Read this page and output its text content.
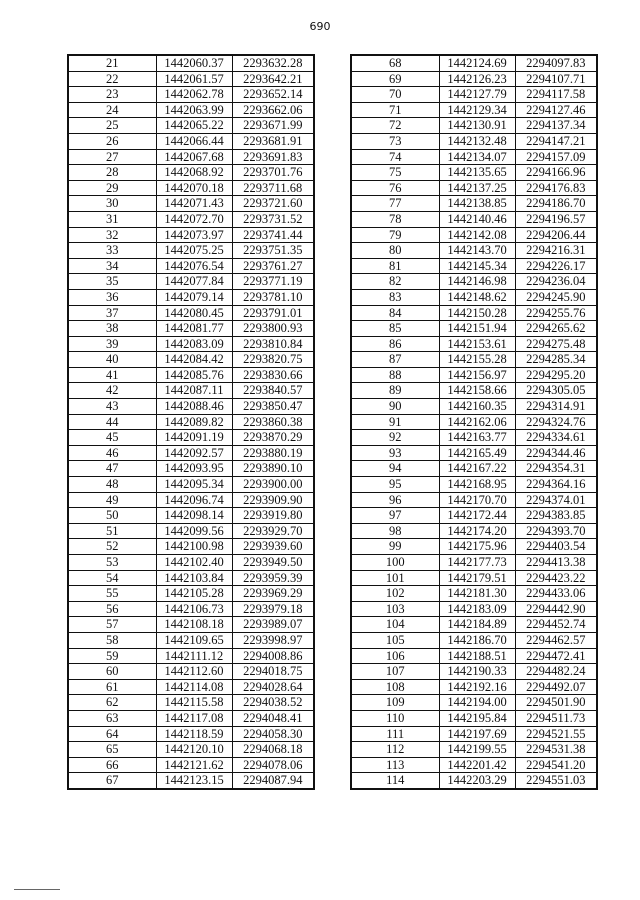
690
21	1442060.37	2293632.28
22	1442061.57	2293642.21
23	1442062.78	2293652.14
24	1442063.99	2293662.06
25	1442065.22	2293671.99
26	1442066.44	2293681.91
27	1442067.68	2293691.83
28	1442068.92	2293701.76
29	1442070.18	2293711.68
30	1442071.43	2293721.60
31	1442072.70	2293731.52
32	1442073.97	2293741.44
33	1442075.25	2293751.35
34	1442076.54	2293761.27
35	1442077.84	2293771.19
36	1442079.14	2293781.10
37	1442080.45	2293791.01
38	1442081.77	2293800.93
39	1442083.09	2293810.84
40	1442084.42	2293820.75
41	1442085.76	2293830.66
42	1442087.11	2293840.57
43	1442088.46	2293850.47
44	1442089.82	2293860.38
45	1442091.19	2293870.29
46	1442092.57	2293880.19
47	1442093.95	2293890.10
48	1442095.34	2293900.00
49	1442096.74	2293909.90
50	1442098.14	2293919.80
51	1442099.56	2293929.70
52	1442100.98	2293939.60
53	1442102.40	2293949.50
54	1442103.84	2293959.39
55	1442105.28	2293969.29
56	1442106.73	2293979.18
57	1442108.18	2293989.07
58	1442109.65	2293998.97
59	1442111.12	2294008.86
60	1442112.60	2294018.75
61	1442114.08	2294028.64
62	1442115.58	2294038.52
63	1442117.08	2294048.41
64	1442118.59	2294058.30
65	1442120.10	2294068.18
66	1442121.62	2294078.06
67	1442123.15	2294087.94
68	1442124.69	2294097.83
69	1442126.23	2294107.71
70	1442127.79	2294117.58
71	1442129.34	2294127.46
72	1442130.91	2294137.34
73	1442132.48	2294147.21
74	1442134.07	2294157.09
75	1442135.65	2294166.96
76	1442137.25	2294176.83
77	1442138.85	2294186.70
78	1442140.46	2294196.57
79	1442142.08	2294206.44
80	1442143.70	2294216.31
81	1442145.34	2294226.17
82	1442146.98	2294236.04
83	1442148.62	2294245.90
84	1442150.28	2294255.76
85	1442151.94	2294265.62
86	1442153.61	2294275.48
87	1442155.28	2294285.34
88	1442156.97	2294295.20
89	1442158.66	2294305.05
90	1442160.35	2294314.91
91	1442162.06	2294324.76
92	1442163.77	2294334.61
93	1442165.49	2294344.46
94	1442167.22	2294354.31
95	1442168.95	2294364.16
96	1442170.70	2294374.01
97	1442172.44	2294383.85
98	1442174.20	2294393.70
99	1442175.96	2294403.54
100	1442177.73	2294413.38
101	1442179.51	2294423.22
102	1442181.30	2294433.06
103	1442183.09	2294442.90
104	1442184.89	2294452.74
105	1442186.70	2294462.57
106	1442188.51	2294472.41
107	1442190.33	2294482.24
108	1442192.16	2294492.07
109	1442194.00	2294501.90
110	1442195.84	2294511.73
111	1442197.69	2294521.55
112	1442199.55	2294531.38
113	1442201.42	2294541.20
114	1442203.29	2294551.03
